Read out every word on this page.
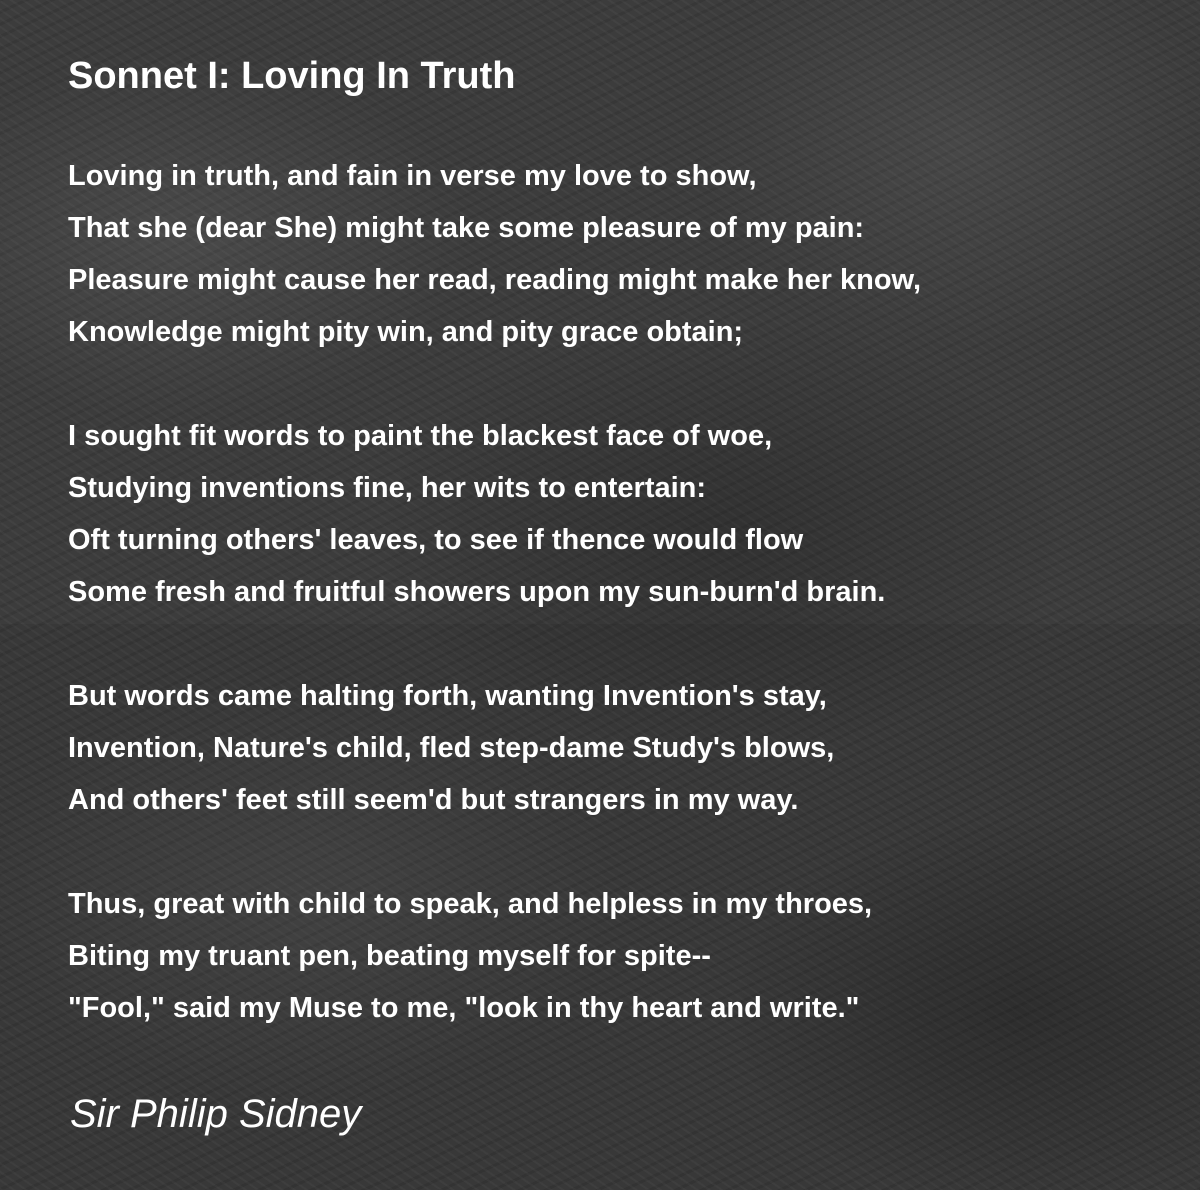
Sonnet I: Loving In Truth
Loving in truth, and fain in verse my love to show,
That she (dear She) might take some pleasure of my pain:
Pleasure might cause her read, reading might make her know,
Knowledge might pity win, and pity grace obtain;
I sought fit words to paint the blackest face of woe,
Studying inventions fine, her wits to entertain:
Oft turning others' leaves, to see if thence would flow
Some fresh and fruitful showers upon my sun-burn'd brain.
But words came halting forth, wanting Invention's stay,
Invention, Nature's child, fled step-dame Study's blows,
And others' feet still seem'd but strangers in my way.
Thus, great with child to speak, and helpless in my throes,
Biting my truant pen, beating myself for spite--
"Fool," said my Muse to me, "look in thy heart and write."

Sir Philip Sidney
